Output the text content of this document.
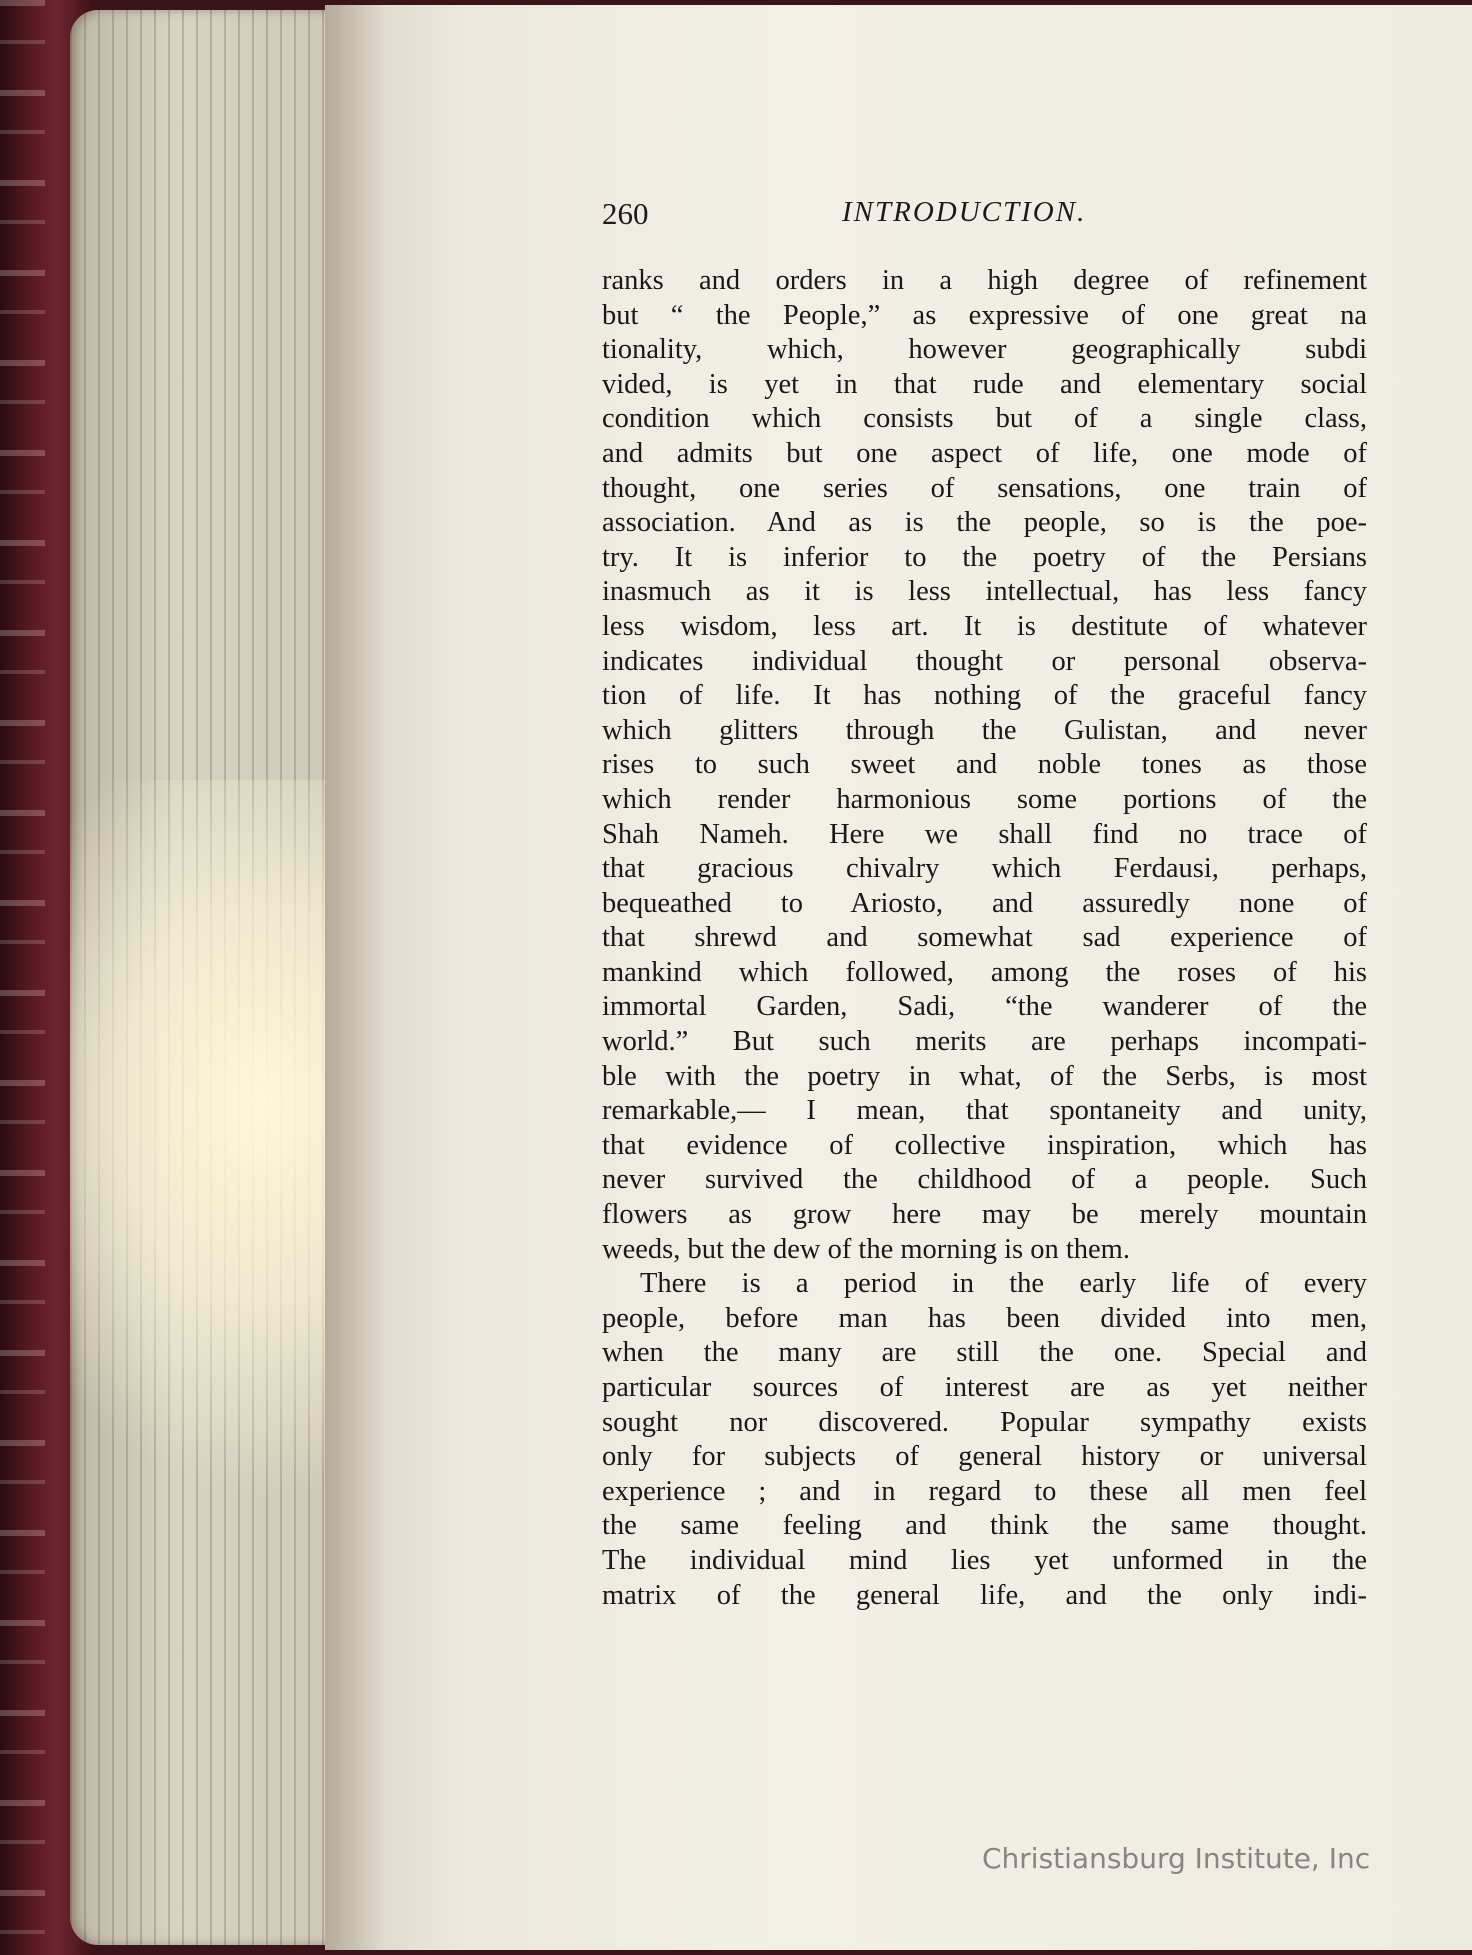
260	INTRODUCTION.
ranks and orders in a high degree of refinement
but “ the People,” as expressive of one great na
tionality, which, however geographically subdi
vided, is yet in that rude and elementary social
condition which consists but of a single class,
and admits but one aspect of life, one mode of
thought, one series of sensations, one train of
association. And as is the people, so is the poe-
try. It is inferior to the poetry of the Persians
inasmuch as it is less intellectual, has less fancy
less wisdom, less art. It is destitute of whatever
indicates individual thought or personal observa-
tion of life. It has nothing of the graceful fancy
which glitters through the Gulistan, and never
rises to such sweet and noble tones as those
which render harmonious some portions of the
Shah Nameh. Here we shall find no trace of
that gracious chivalry which Ferdausi, perhaps,
bequeathed to Ariosto, and assuredly none of
that shrewd and somewhat sad experience of
mankind which followed, among the roses of his
immortal Garden, Sadi, “the wanderer of the
world.” But such merits are perhaps incompati-
ble with the poetry in what, of the Serbs, is most
remarkable,— I mean, that spontaneity and unity,
that evidence of collective inspiration, which has
never survived the childhood of a people. Such
flowers as grow here may be merely mountain
weeds, but the dew of the morning is on them.
There is a period in the early life of every
people, before man has been divided into men,
when the many are still the one. Special and
particular sources of interest are as yet neither
sought nor discovered. Popular sympathy exists
only for subjects of general history or universal
experience ; and in regard to these all men feel
the same feeling and think the same thought.
The individual mind lies yet unformed in the
matrix of the general life, and the only indi-
Christiansburg Institute, Inc
